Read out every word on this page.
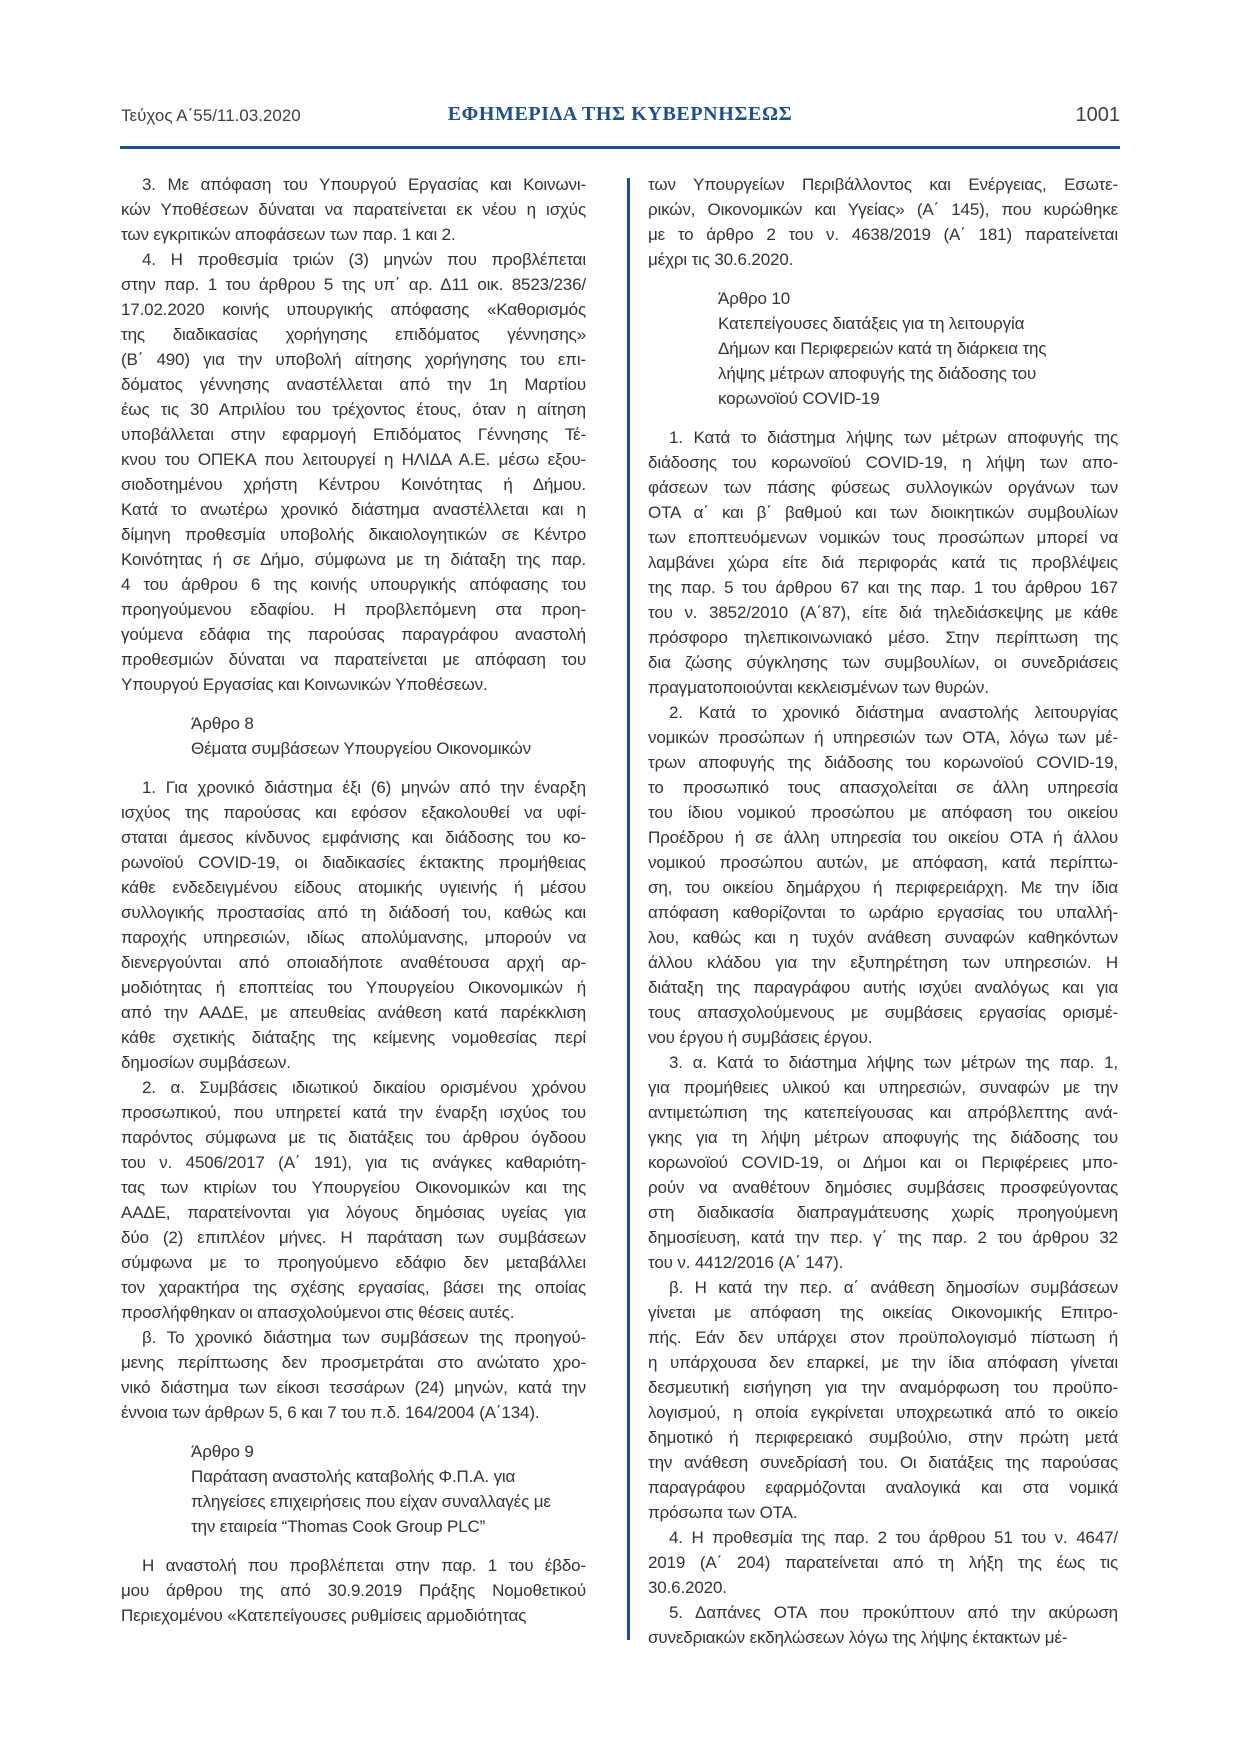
Τεύχος Α΄55/11.03.2020	ΕΦΗΜΕΡΙΔΑ ΤΗΣ ΚΥΒΕΡΝΗΣΕΩΣ	1001
3. Με απόφαση του Υπουργού Εργασίας και Κοινωνι-
κών Υποθέσεων δύναται να παρατείνεται εκ νέου η ισχύς
των εγκριτικών αποφάσεων των παρ. 1 και 2.
4. Η προθεσμία τριών (3) μηνών που προβλέπεται
στην παρ. 1 του άρθρου 5 της υπ΄ αρ. Δ11 οικ. 8523/236/
17.02.2020 κοινής υπουργικής απόφασης «Καθορισμός
της διαδικασίας χορήγησης επιδόματος γέννησης»
(Β΄ 490) για την υποβολή αίτησης χορήγησης του επι-
δόματος γέννησης αναστέλλεται από την 1η Μαρτίου
έως τις 30 Απριλίου του τρέχοντος έτους, όταν η αίτηση
υποβάλλεται στην εφαρμογή Επιδόματος Γέννησης Τέ-
κνου του ΟΠΕΚΑ που λειτουργεί η ΗΛΙΔΑ Α.Ε. μέσω εξου-
σιοδοτημένου χρήστη Κέντρου Κοινότητας ή Δήμου.
Κατά το ανωτέρω χρονικό διάστημα αναστέλλεται και η
δίμηνη προθεσμία υποβολής δικαιολογητικών σε Κέντρο
Κοινότητας ή σε Δήμο, σύμφωνα με τη διάταξη της παρ.
4 του άρθρου 6 της κοινής υπουργικής απόφασης του
προηγούμενου εδαφίου. Η προβλεπόμενη στα προη-
γούμενα εδάφια της παρούσας παραγράφου αναστολή
προθεσμιών δύναται να παρατείνεται με απόφαση του
Υπουργού Εργασίας και Κοινωνικών Υποθέσεων.
Άρθρο 8
Θέματα συμβάσεων Υπουργείου Οικονομικών
1. Για χρονικό διάστημα έξι (6) μηνών από την έναρξη
ισχύος της παρούσας και εφόσον εξακολουθεί να υφί-
σταται άμεσος κίνδυνος εμφάνισης και διάδοσης του κο-
ρωνοϊού COVID-19, οι διαδικασίες έκτακτης προμήθειας
κάθε ενδεδειγμένου είδους ατομικής υγιεινής ή μέσου
συλλογικής προστασίας από τη διάδοσή του, καθώς και
παροχής υπηρεσιών, ιδίως απολύμανσης, μπορούν να
διενεργούνται από οποιαδήποτε αναθέτουσα αρχή αρ-
μοδιότητας ή εποπτείας του Υπουργείου Οικονομικών ή
από την ΑΑΔΕ, με απευθείας ανάθεση κατά παρέκκλιση
κάθε σχετικής διάταξης της κείμενης νομοθεσίας περί
δημοσίων συμβάσεων.
2. α. Συμβάσεις ιδιωτικού δικαίου ορισμένου χρόνου
προσωπικού, που υπηρετεί κατά την έναρξη ισχύος του
παρόντος σύμφωνα με τις διατάξεις του άρθρου όγδοου
του ν. 4506/2017 (Α΄ 191), για τις ανάγκες καθαριότη-
τας των κτιρίων του Υπουργείου Οικονομικών και της
ΑΑΔΕ, παρατείνονται για λόγους δημόσιας υγείας για
δύο (2) επιπλέον μήνες. Η παράταση των συμβάσεων
σύμφωνα με το προηγούμενο εδάφιο δεν μεταβάλλει
τον χαρακτήρα της σχέσης εργασίας, βάσει της οποίας
προσλήφθηκαν οι απασχολούμενοι στις θέσεις αυτές.
β. Το χρονικό διάστημα των συμβάσεων της προηγού-
μενης περίπτωσης δεν προσμετράται στο ανώτατο χρο-
νικό διάστημα των είκοσι τεσσάρων (24) μηνών, κατά την
έννοια των άρθρων 5, 6 και 7 του π.δ. 164/2004 (Α΄134).
Άρθρο 9
Παράταση αναστολής καταβολής Φ.Π.Α. για
πληγείσες επιχειρήσεις που είχαν συναλλαγές με
την εταιρεία “Thomas Cook Group PLC”
Η αναστολή που προβλέπεται στην παρ. 1 του έβδο-
μου άρθρου της από 30.9.2019 Πράξης Νομοθετικού
Περιεχομένου «Κατεπείγουσες ρυθμίσεις αρμοδιότητας
των Υπουργείων Περιβάλλοντος και Ενέργειας, Εσωτε-
ρικών, Οικονομικών και Υγείας» (Α΄ 145), που κυρώθηκε
με το άρθρο 2 του ν. 4638/2019 (Α΄ 181) παρατείνεται
μέχρι τις 30.6.2020.
Άρθρο 10
Κατεπείγουσες διατάξεις για τη λειτουργία
Δήμων και Περιφερειών κατά τη διάρκεια της
λήψης μέτρων αποφυγής της διάδοσης του
κορωνοϊού COVID-19
1. Κατά το διάστημα λήψης των μέτρων αποφυγής της
διάδοσης του κορωνοϊού COVID-19, η λήψη των απο-
φάσεων των πάσης φύσεως συλλογικών οργάνων των
ΟΤΑ α΄ και β΄ βαθμού και των διοικητικών συμβουλίων
των εποπτευόμενων νομικών τους προσώπων μπορεί να
λαμβάνει χώρα είτε διά περιφοράς κατά τις προβλέψεις
της παρ. 5 του άρθρου 67 και της παρ. 1 του άρθρου 167
του ν. 3852/2010 (Α΄87), είτε διά τηλεδιάσκεψης με κάθε
πρόσφορο τηλεπικοινωνιακό μέσο. Στην περίπτωση της
δια ζώσης σύγκλησης των συμβουλίων, οι συνεδριάσεις
πραγματοποιούνται κεκλεισμένων των θυρών.
2. Κατά το χρονικό διάστημα αναστολής λειτουργίας
νομικών προσώπων ή υπηρεσιών των ΟΤΑ, λόγω των μέ-
τρων αποφυγής της διάδοσης του κορωνοϊού COVID-19,
το προσωπικό τους απασχολείται σε άλλη υπηρεσία
του ίδιου νομικού προσώπου με απόφαση του οικείου
Προέδρου ή σε άλλη υπηρεσία του οικείου ΟΤΑ ή άλλου
νομικού προσώπου αυτών, με απόφαση, κατά περίπτω-
ση, του οικείου δημάρχου ή περιφερειάρχη. Με την ίδια
απόφαση καθορίζονται το ωράριο εργασίας του υπαλλή-
λου, καθώς και η τυχόν ανάθεση συναφών καθηκόντων
άλλου κλάδου για την εξυπηρέτηση των υπηρεσιών. Η
διάταξη της παραγράφου αυτής ισχύει αναλόγως και για
τους απασχολούμενους με συμβάσεις εργασίας ορισμέ-
νου έργου ή συμβάσεις έργου.
3. α. Κατά το διάστημα λήψης των μέτρων της παρ. 1,
για προμήθειες υλικού και υπηρεσιών, συναφών με την
αντιμετώπιση της κατεπείγουσας και απρόβλεπτης ανά-
γκης για τη λήψη μέτρων αποφυγής της διάδοσης του
κορωνοϊού COVID-19, οι Δήμοι και οι Περιφέρειες μπο-
ρούν να αναθέτουν δημόσιες συμβάσεις προσφεύγοντας
στη διαδικασία διαπραγμάτευσης χωρίς προηγούμενη
δημοσίευση, κατά την περ. γ΄ της παρ. 2 του άρθρου 32
του ν. 4412/2016 (Α΄ 147).
β. Η κατά την περ. α΄ ανάθεση δημοσίων συμβάσεων
γίνεται με απόφαση της οικείας Οικονομικής Επιτρο-
πής. Εάν δεν υπάρχει στον προϋπολογισμό πίστωση ή
η υπάρχουσα δεν επαρκεί, με την ίδια απόφαση γίνεται
δεσμευτική εισήγηση για την αναμόρφωση του προϋπο-
λογισμού, η οποία εγκρίνεται υποχρεωτικά από το οικείο
δημοτικό ή περιφερειακό συμβούλιο, στην πρώτη μετά
την ανάθεση συνεδρίασή του. Οι διατάξεις της παρούσας
παραγράφου εφαρμόζονται αναλογικά και στα νομικά
πρόσωπα των ΟΤΑ.
4. Η προθεσμία της παρ. 2 του άρθρου 51 του ν. 4647/
2019 (Α΄ 204) παρατείνεται από τη λήξη της έως τις
30.6.2020.
5. Δαπάνες ΟΤΑ που προκύπτουν από την ακύρωση
συνεδριακών εκδηλώσεων λόγω της λήψης έκτακτων μέ-
